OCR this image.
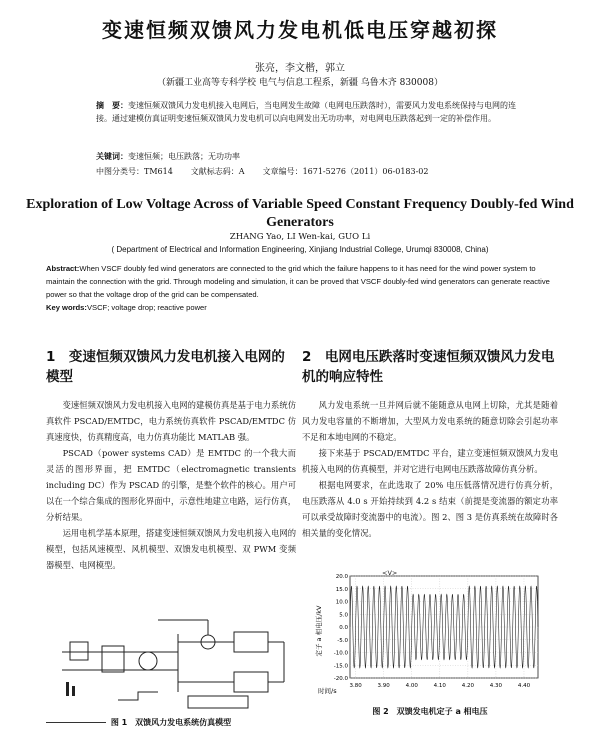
变速恒频双馈风力发电机低电压穿越初探
张亮，李文楷，郭立
（新疆工业高等专科学校 电气与信息工程系，新疆 乌鲁木齐 830008）
摘　要：变速恒频双馈风力发电机接入电网后，当电网发生故障（电网电压跌落时），需要风力发电系统保持与电网的连接。通过建模仿真证明变速恒频双馈风力发电机可以向电网发出无功功率，对电网电压跌落起到一定的补偿作用。
关键词：变速恒频；电压跌落；无功功率
中图分类号：TM614 文献标志码：A 文章编号：1671-5276（2011）06-0183-02
Exploration of Low Voltage Across of Variable Speed Constant Frequency Doubly-fed Wind Generators
ZHANG Yao, LI Wen-kai, GUO Li
( Department of Electrical and Information Engineering, Xinjiang Industrial College, Urumqi 830008, China)
Abstract:When VSCF doubly fed wind generators are connected to the grid which the failure happens to it has need for the wind power system to maintain the connection with the grid. Through modeling and simulation, it can be proved that VSCF doubly-fed wind generators can generate reactive power so that the voltage drop of the grid can be compensated.
Key words:VSCF; voltage drop; reactive power
1　变速恒频双馈风力发电机接入电网的模型

变速恒频双馈风力发电机接入电网的建模仿真是基于电力系统仿真软件 PSCAD/EMTDC，电力系统仿真软件 PSCAD/EMTDC 仿真速度快，仿真精度高，电力仿真功能比 MATLAB 强。

PSCAD（power systems CAD）是 EMTDC 的一个我大而灵活的图形界面，把 EMTDC（electromagnetic transients including DC）作为 PSCAD 的引擎，是整个软件的核心。用户可以在一个综合集成的图形化界面中，示意性地建立电路，运行仿真，分析结果。

运用电机学基本原理，搭建变速恒频双馈风力发电机接入电网的模型，包括风速模型、风机模型、双馈发电机模型、双 PWM 变频器模型、电网模型。

图 1　双馈风力发电系统仿真模型
2　电网电压跌落时变速恒频双馈风力发电机的响应特性

风力发电系统一旦并网后就不能随意从电网上切除，尤其是随着风力发电容量的不断增加，大型风力发电系统的随意切除会引起功率不足和本地电网的不稳定。

接下来基于 PSCAD/EMTDC 平台，建立变速恒频双馈风力发电机接入电网的仿真模型，并对它进行电网电压跌落故障仿真分析。

根据电网要求，在此选取了 20% 电压低落情况进行仿真分析，电压跌落从 4.0 s 开始持续到 4.2 s 结束（前提是变流器的额定功率可以承受故障时变流器中的电流）。图 2、图 3 是仿真系统在故障时各相关量的变化情况。

定子 a 相电压/kV
时间/s
<V>
20.0
15.0
10.0
5.0
0.0
-5.0
-10.0
-15.0
-20.0
3.80	3.90	4.00	4.10	4.20	4.30	4.40
图 2　双馈发电机定子 a 相电压
